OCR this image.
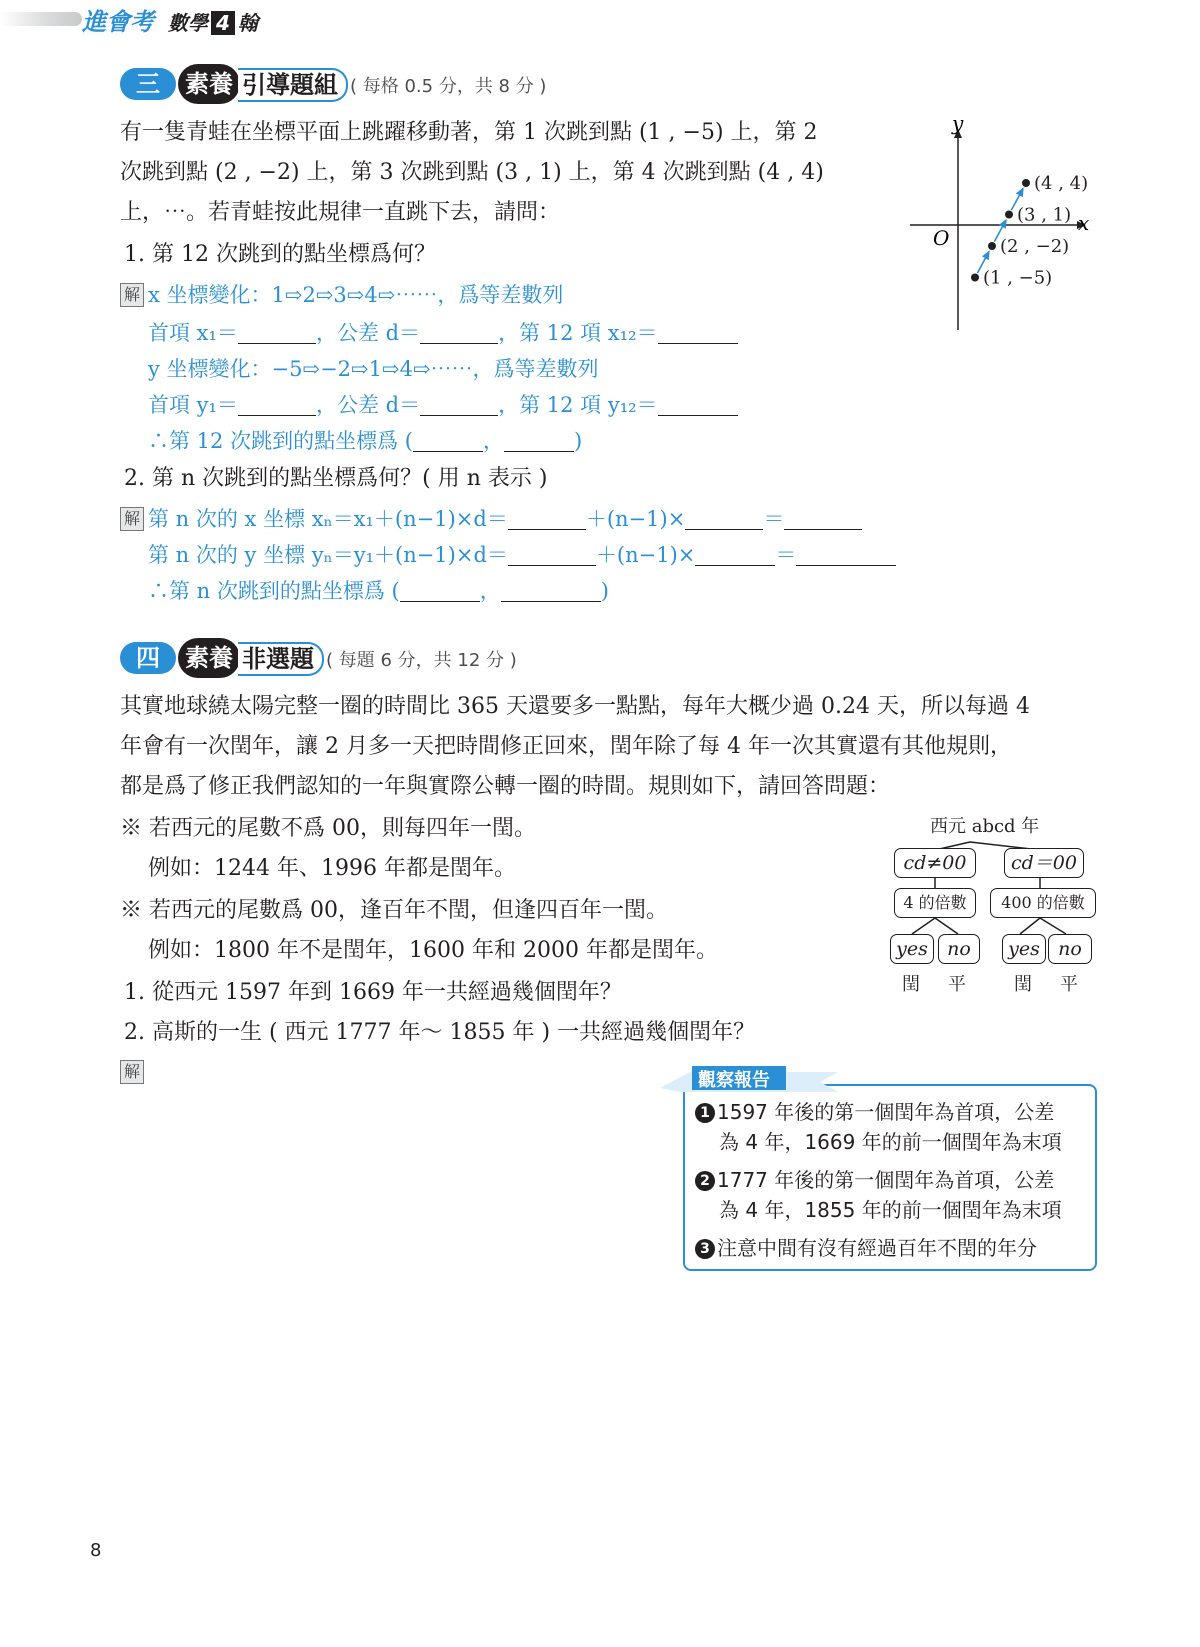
進會考 數學 4 翰
三	素養 引導題組 ( 每格 0.5 分，共 8 分 )
有一隻青蛙在坐標平面上跳躍移動著，第 1 次跳到點 (1 , −5) 上，第 2
次跳到點 (2 , −2) 上，第 3 次跳到點 (3 , 1) 上，第 4 次跳到點 (4 , 4)
上，⋯。若青蛙按此規律一直跳下去，請問：
1. 第 12 次跳到的點坐標爲何？
解 x 坐標變化：1⇨2⇨3⇨4⇨⋯⋯，爲等差數列
首項 x₁＝	，公差 d＝	，第 12 項 x₁₂＝
y 坐標變化：−5⇨−2⇨1⇨4⇨⋯⋯，爲等差數列
首項 y₁＝	，公差 d＝	，第 12 項 y₁₂＝
∴第 12 次跳到的點坐標爲 (	，	)
2. 第 n 次跳到的點坐標爲何？( 用 n 表示 )
解 第 n 次的 x 坐標 xₙ＝x₁＋(n−1)×d＝	＋(n−1)×	＝
第 n 次的 y 坐標 yₙ＝y₁＋(n−1)×d＝	＋(n−1)×	＝
∴第 n 次跳到的點坐標爲 (	，	)
y
x
O
(1 , −5)
(2 , −2)
(3 , 1)
(4 , 4)
四	素養 非選題 ( 每題 6 分，共 12 分 )
其實地球繞太陽完整一圈的時間比 365 天還要多一點點，每年大概少過 0.24 天，所以每過 4
年會有一次閏年，讓 2 月多一天把時間修正回來，閏年除了每 4 年一次其實還有其他規則，
都是爲了修正我們認知的一年與實際公轉一圈的時間。規則如下，請回答問題：
※ 若西元的尾數不爲 00，則每四年一閏。
例如：1244 年、1996 年都是閏年。
※ 若西元的尾數爲 00，逢百年不閏，但逢四百年一閏。
例如：1800 年不是閏年，1600 年和 2000 年都是閏年。
1. 從西元 1597 年到 1669 年一共經過幾個閏年？
2. 高斯的一生 ( 西元 1777 年～ 1855 年 ) 一共經過幾個閏年？
解
西元 abcd 年
cd≠00	cd＝00
4 的倍數	400 的倍數
yes	no	yes no
閏 平	閏 平
1 1597 年後的第一個閏年為首項，公差
為 4 年，1669 年的前一個閏年為末項
2 1777 年後的第一個閏年為首項，公差
為 4 年，1855 年的前一個閏年為末項
3 注意中間有沒有經過百年不閏的年分
觀察報告
8
